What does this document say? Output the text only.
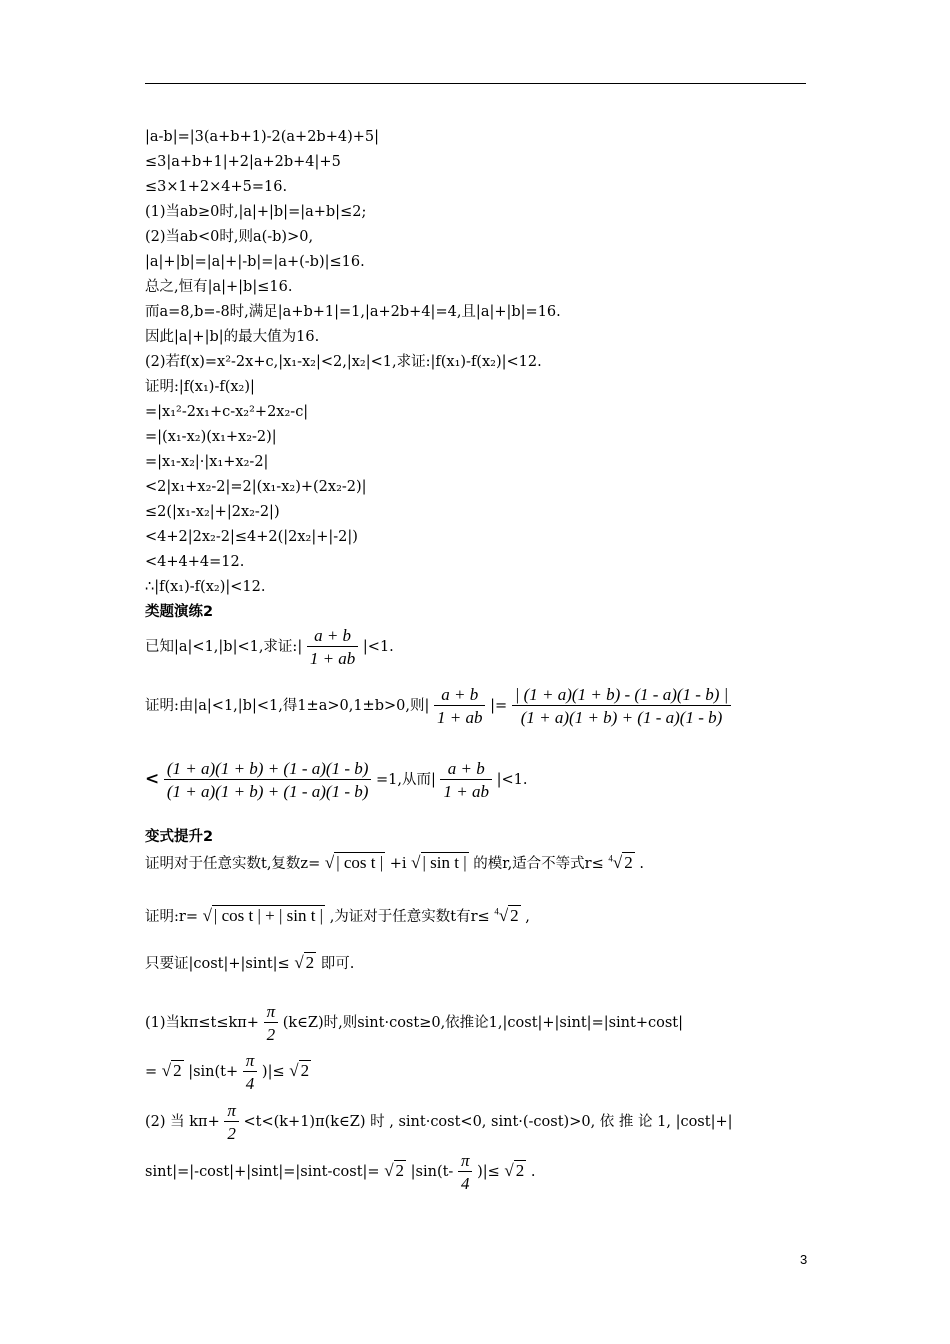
|a-b|=|3(a+b+1)-2(a+2b+4)+5|
≤3|a+b+1|+2|a+2b+4|+5
≤3×1+2×4+5=16.
(1)当ab≥0时,|a|+|b|=|a+b|≤2;
(2)当ab<0时,则a(-b)>0,
|a|+|b|=|a|+|-b|=|a+(-b)|≤16.
总之,恒有|a|+|b|≤16.
而a=8,b=-8时,满足|a+b+1|=1,|a+2b+4|=4,且|a|+|b|=16.
因此|a|+|b|的最大值为16.
(2)若f(x)=x²-2x+c,|x₁-x₂|<2,|x₂|<1,求证:|f(x₁)-f(x₂)|<12.
证明:|f(x₁)-f(x₂)|
=|x₁²-2x₁+c-x₂²+2x₂-c|
=|(x₁-x₂)(x₁+x₂-2)|
=|x₁-x₂|·|x₁+x₂-2|
<2|x₁+x₂-2|=2|(x₁-x₂)+(2x₂-2)|
≤2(|x₁-x₂|+|2x₂-2|)
<4+2|2x₂-2|≤4+2(|2x₂|+|-2|)
<4+4+4=12.
∴|f(x₁)-f(x₂)|<12.
类题演练2
已知|a|<1,|b|<1,求证:| $\frac{a + b}{1 + ab} |<1$.
证明:由|a|<1,|b|<1,得1±a>0,1±b>0,则| $\frac{a + b}{1 + ab}$ |= $\frac{| (1 + a)(1 + b) - (1 - a)(1 - b) |}{(1 + a)(1 + b) + (1 - a)(1 - b)}$
< $\frac{(1 + a)(1 + b) + (1 - a)(1 - b)}{(1 + a)(1 + b) + (1 - a)(1 - b)} =1$,从而| $\frac{a + b}{1 + ab} |<1$.
变式提升2
证明对于任意实数t,复数z= √ | cos t | +i √ | sin t | 的模r,适合不等式r≤ $^4$√ 2 .
证明:r= √ | cos t | + | sin t | ,为证对于任意实数t有r≤ $^4$√ 2 ,
只要证|cost|+|sint|≤ √ 2 即可.
(1)当$k\pi\le t\le k\pi+ \frac{\pi}{2}$ (k∈Z)时,则sint·cost≥0,依推论1,|cost|+|sint|=|sint+cost|
= √ 2 $|\sin(t+ \frac{\pi}{4}$ )|≤ √ 2
(2) 当 $k\pi+ \frac{\pi}{2}$ <t<(k+1)π(k∈Z) 时 , sint·cost<0, sint·(-cost)>0, 依 推 论 1, |cost|+|
sint|=|-cost|+|sint|=|sint-cost|= √ 2 $|\sin(t- \frac{\pi}{4}$ )|≤ √ 2 .
3
